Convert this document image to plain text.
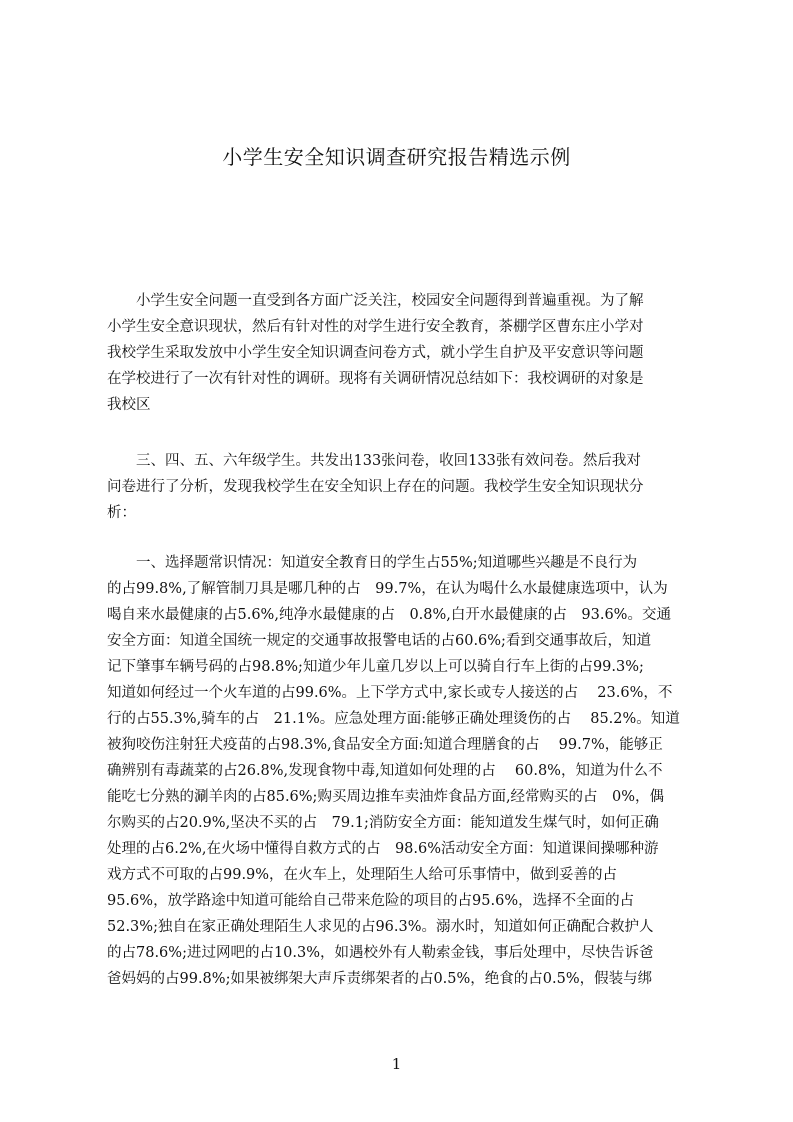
小学生安全知识调查研究报告精选示例
　　小学生安全问题一直受到各方面广泛关注，校园安全问题得到普遍重视。为了解
小学生安全意识现状，然后有针对性的对学生进行安全教育，茶棚学区曹东庄小学对
我校学生采取发放中小学生安全知识调查问卷方式，就小学生自护及平安意识等问题
在学校进行了一次有针对性的调研。现将有关调研情况总结如下：我校调研的对象是
我校区
　　三、四、五、六年级学生。共发出133张问卷，收回133张有效问卷。然后我对
问卷进行了分析，发现我校学生在安全知识上存在的问题。我校学生安全知识现状分
析：
　　一、选择题常识情况：知道安全教育日的学生占55%;知道哪些兴趣是不良行为
的占99.8%,了解管制刀具是哪几种的占　99.7%，在认为喝什么水最健康选项中，认为
喝自来水最健康的占5.6%,纯净水最健康的占　0.8%,白开水最健康的占　93.6%。交通
安全方面：知道全国统一规定的交通事故报警电话的占60.6%;看到交通事故后，知道
记下肇事车辆号码的占98.8%;知道少年儿童几岁以上可以骑自行车上街的占99.3%;
知道如何经过一个火车道的占99.6%。上下学方式中,家长或专人接送的占　 23.6%，不
行的占55.3%,骑车的占　21.1%。应急处理方面:能够正确处理烫伤的占　 85.2%。知道
被狗咬伤注射狂犬疫苗的占98.3%,食品安全方面:知道合理膳食的占　 99.7%，能够正
确辨别有毒蔬菜的占26.8%,发现食物中毒,知道如何处理的占　 60.8%，知道为什么不
能吃七分熟的涮羊肉的占85.6%;购买周边推车卖油炸食品方面,经常购买的占　0%，偶
尔购买的占20.9%,坚决不买的占　79.1;消防安全方面：能知道发生煤气时，如何正确
处理的占6.2%,在火场中懂得自救方式的占　98.6%活动安全方面：知道课间操哪种游
戏方式不可取的占99.9%，在火车上，处理陌生人给可乐事情中，做到妥善的占
95.6%，放学路途中知道可能给自己带来危险的项目的占95.6%，选择不全面的占
52.3%;独自在家正确处理陌生人求见的占96.3%。溺水时，知道如何正确配合救护人
的占78.6%;进过网吧的占10.3%，如遇校外有人勒索金钱，事后处理中，尽快告诉爸
爸妈妈的占99.8%;如果被绑架大声斥责绑架者的占0.5%，绝食的占0.5%，假装与绑
1
